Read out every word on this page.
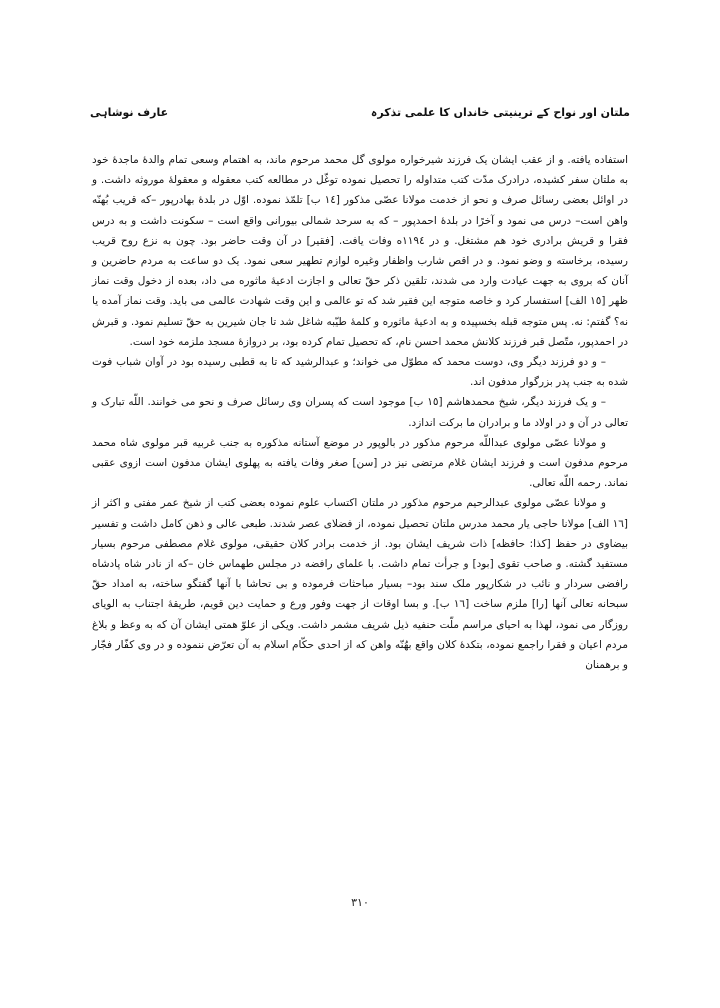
ملتان اور نواح کے ترینیتی خانداں کا علمی تذکرہ
عارف نوشاہی

استفاده یافته. و از عقب ایشان یک فرزند شیرخواره مولوی گل محمد مرحوم ماند، به اهتمام وسعی تمام والدهٔ ماجدهٔ خود به ملتان سفر کشیده، درادرک مدّت کتب متداوله را تحصیل نموده توغّل در مطالعه کتب معقوله و معقولهٔ موروثه داشت. و در اوائل بعضی رسائل صرف و نحو از خدمت مولانا عصّی مذکور [۱٤ ب] تلمّذ نموده. اوّل در بلدهٔ بهادرپور –که قریب بُهنّه واهن است– درس می نمود و آخرًا در بلدهٔ احمدپور – که به سرحد شمالی بیورانی واقع است – سکونت داشت و به درس فقرا و قریش برادری خود هم مشتغل. و در ۱۱۹٤ه وفات یافت. [فقیر] در آن وقت حاضر بود. چون به نزع روح قریب رسیده، برخاسته و وضو نمود. و در اقص شارب واظفار وغیره لوازم تطهیر سعی نمود. یک دو ساعت به مردم حاضرین و آنان که بروی به جهت عیادت وارد می شدند، تلقین ذکر حقّ تعالی و اجازت ادعیهٔ ماثوره می داد، بعده از دخول وقت نماز ظهر [۱٥ الف] استفسار کرد و خاصه متوجه این فقیر شد که تو عالمی و این وقت شهادت عالمی می باید. وقت نماز آمده یا نه؟ گفتم: نه. پس متوجه قبله بخسپیده و به ادعیهٔ ماثوره و کلمهٔ طیّبه شاغل شد تا جان شیرین به حقّ تسلیم نمود. و قبرش در احمدپور، متّصل قبر فرزند کلانش محمد احسن نام، که تحصیل تمام کرده بود، بر دروازهٔ مسجد ملزمه خود است.

– و دو فرزند دیگر وی، دوست محمد که مطوّل می خواند؛ و عبدالرشید که تا به قطبی رسیده بود در آوان شباب فوت شده به جنب پدر بزرگوار مدفون اند.

– و یک فرزند دیگر، شیخ محمدهاشم [۱٥ ب] موجود است که پسران وی رسائل صرف و نحو می خوانند. اللّه تبارک و تعالی در آن و در اولاد ما و برادران ما برکت اندازد.

و مولانا عصّی مولوی عبداللّه مرحوم مذکور در بالوپور در موضع آستانه مذکوره به جنب غربیه قبر مولوی شاه محمد مرحوم مدفون است و فرزند ایشان غلام مرتضی نیز در [سن] صغر وفات یافته به پهلوی ایشان مدفون است ازوی عقبی نماند. رحمه اللّه تعالی.

و مولانا عصّی مولوی عبدالرحیم مرحوم مذکور در ملتان اکتساب علوم نموده بعضی کتب از شیخ عمر مفتی و اکثر از [۱٦ الف] مولانا حاجی یار محمد مدرس ملتان تحصیل نموده، از فضلای عصر شدند. طبعی عالی و ذهن کامل داشت و تفسیر بیضاوی در حفظ [کذا: حافظه] ذات شریف ایشان بود. از خدمت برادر کلان حقیقی، مولوی غلام مصطفی مرحوم بسیار مستفید گشته. و صاحب تقوی [بود] و جرأت تمام داشت. با علمای رافضه در مجلس طهماس خان –که از نادر شاه پادشاه رافضی سردار و نائب در شکارپور ملک سند بود– بسیار مباحثات فرموده و بی تحاشا با آنها گفتگو ساخته، به امداد حقّ سبحانه تعالی آنها [را] ملزم ساخت [۱٦ ب]. و بسا اوقات از جهت وفور ورع و حمایت دین قویم، طریقهٔ اجتناب به الویای روزگار می نمود، لهذا به احیای مراسم ملّت حنفیه ذیل شریف مشمر داشت. ویکی از علوّ همتی ایشان آن که به وعظ و بلاغ مردم اعیان و فقرا راجمع نموده، بتکدهٔ کلان واقع بهُنّه واهن که از احدی حکّام اسلام به آن تعرّض ننموده و در وی کفّار فجّار و برهمنان

۳۱۰
